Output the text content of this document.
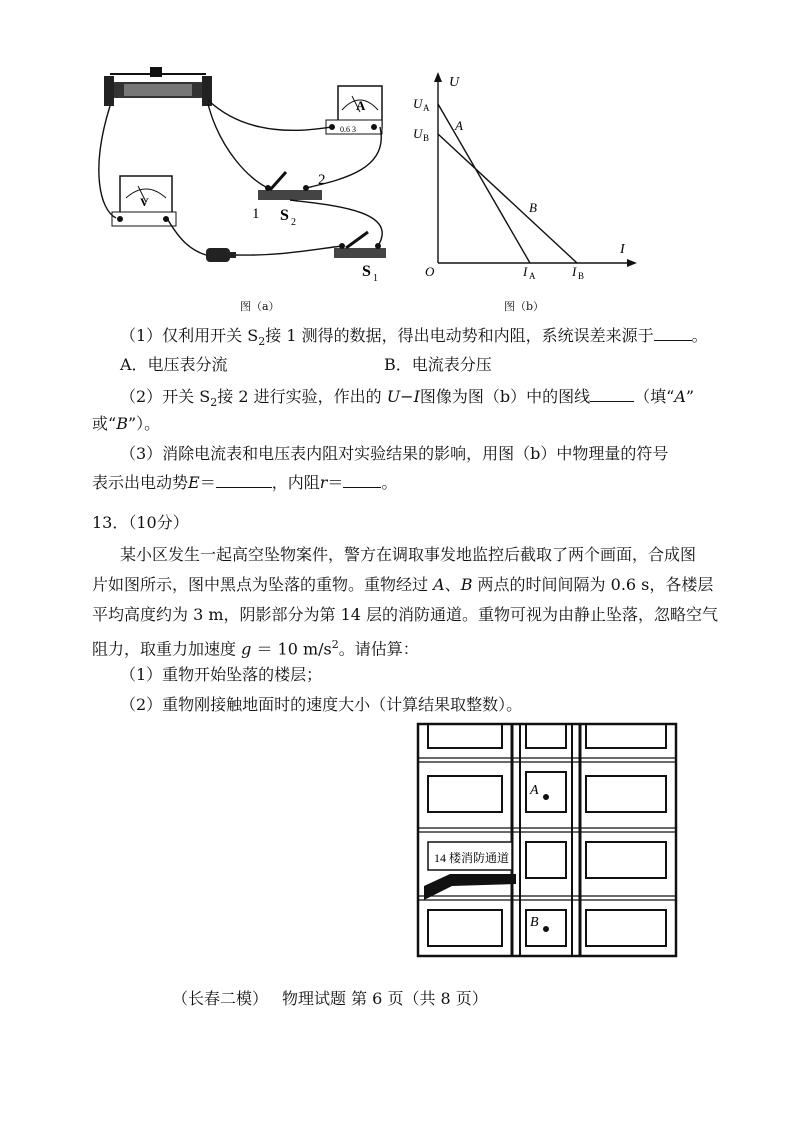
A
0.6 3
V
1
2
S 2
S 1
图（a）
U
I
O
U A
U B
A
B
I A	I B
图（b）
（1）仅利用开关 $S_2$接 1 测得的数据，得出电动势和内阻，系统误差来源于 。
A．电压表分流	B．电流表分压
（2）开关 $S_2$接 2 进行实验，作出的 U−I图像为图（b）中的图线	（填“A”
或“B”）。
（3）消除电流表和电压表内阻对实验结果的影响，用图（b）中物理量的符号
表示出电动势E＝	，内阻r＝ 。
13．（10分）
某小区发生一起高空坠物案件，警方在调取事发地监控后截取了两个画面，合成图
片如图所示，图中黑点为坠落的重物。重物经过 A、B 两点的时间间隔为 0.6 s，各楼层
平均高度约为 3 m，阴影部分为第 14 层的消防通道。重物可视为由静止坠落，忽略空气
阻力，取重力加速度 g ＝ 10 $m/s^2$。请估算：
（1）重物开始坠落的楼层；
（2）重物刚接触地面时的速度大小（计算结果取整数）。
A
B
14 楼消防通道
（长春二模） 物理试题 第 6 页（共 8 页）
